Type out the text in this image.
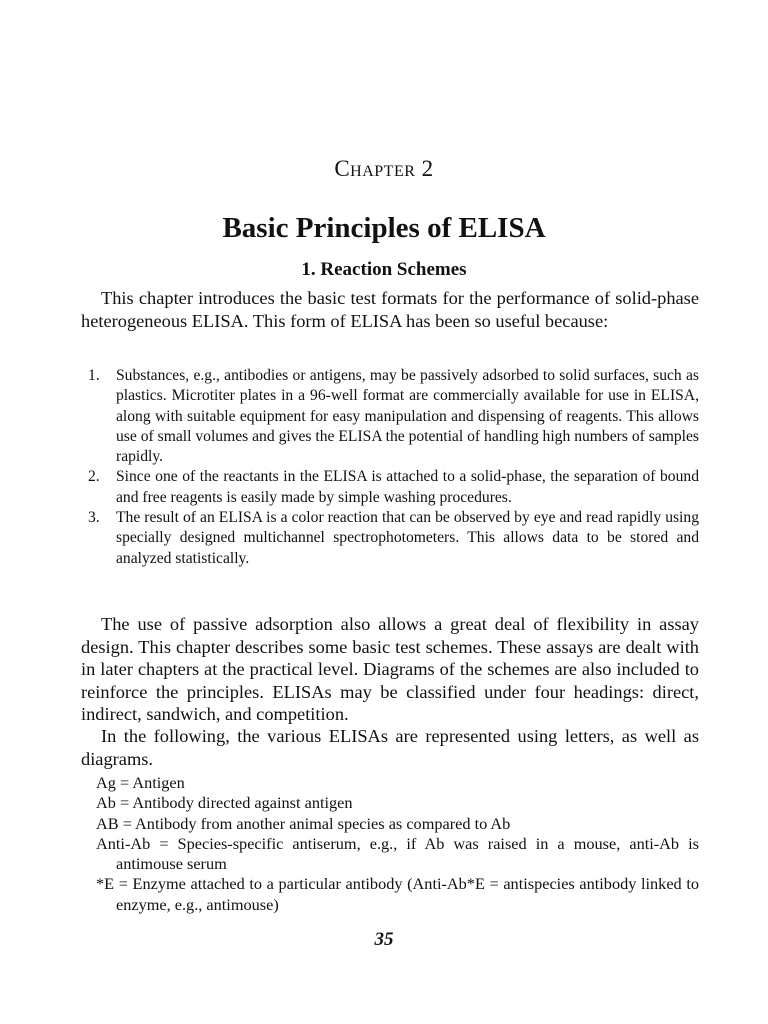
Chapter 2
Basic Principles of ELISA
1. Reaction Schemes

This chapter introduces the basic test formats for the performance of solid-phase heterogeneous ELISA. This form of ELISA has been so useful because:

1. Substances, e.g., antibodies or antigens, may be passively adsorbed to solid surfaces, such as plastics. Microtiter plates in a 96-well format are commercially available for use in ELISA, along with suitable equipment for easy manipulation and dispensing of reagents. This allows use of small volumes and gives the ELISA the potential of handling high numbers of samples rapidly.
2. Since one of the reactants in the ELISA is attached to a solid-phase, the separation of bound and free reagents is easily made by simple washing procedures.
3. The result of an ELISA is a color reaction that can be observed by eye and read rapidly using specially designed multichannel spectrophotometers. This allows data to be stored and analyzed statistically.

The use of passive adsorption also allows a great deal of flexibility in assay design. This chapter describes some basic test schemes. These assays are dealt with in later chapters at the practical level. Diagrams of the schemes are also included to reinforce the principles. ELISAs may be classified under four headings: direct, indirect, sandwich, and competition.

In the following, the various ELISAs are represented using letters, as well as diagrams.

Ag = Antigen
Ab = Antibody directed against antigen
AB = Antibody from another animal species as compared to Ab
Anti-Ab = Species-specific antiserum, e.g., if Ab was raised in a mouse, anti-Ab is antimouse serum
*E = Enzyme attached to a particular antibody (Anti-Ab*E = antispecies antibody linked to enzyme, e.g., antimouse)
35
